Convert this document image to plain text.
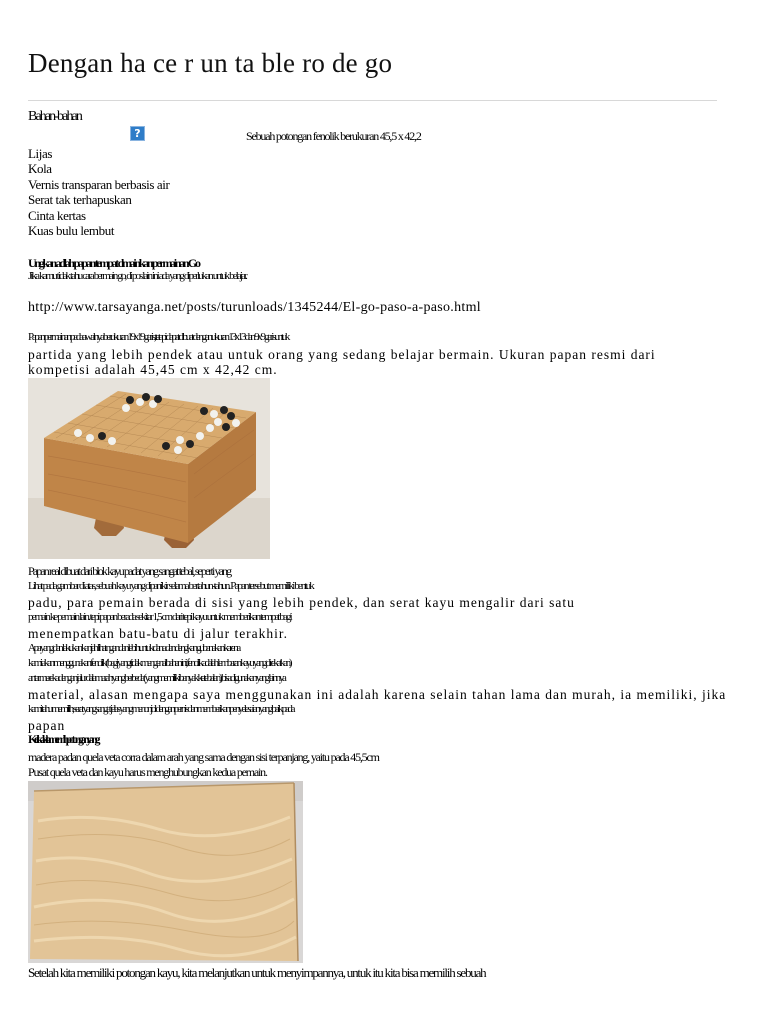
Dengan ha ce r un ta ble ro de go
Bahan-bahan
?	Sebuah potongan fenolik berukuran 45,5 x 42,2
Lijas
Kola
Vernis transparan berbasis air
Serat tak terhapuskan
Cinta kertas
Kuas bulu lembut
Ungkan adlah papan tempat dmainkan permainan Go
Jika kamu tidak tahu cara bermain go, di pos lain ini ada yang diperlukan untuk belajar.
http://www.tarsayanga.net/posts/turunloads/1345244/El-go-paso-a-paso.html
Papan permainan pada awalnya berukuran 19x19 garis, tetapi dapat dibuat dengan ukuran 13x13 dan 9x9 garis untuk
partida yang lebih pendek atau untuk orang yang sedang belajar bermain. Ukuran papan resmi dari
kompetisi adalah 45,45 cm x 42,42 cm.
Papan real dibuat dari blok kayu padat yang sangat tebal, seperti yang
Lihat pada gambar di atas, sebuah kayu yang dipanikir selama bertahun-tahun. Papan tersebut memiliki bentuk
padu, para pemain berada di sisi yang lebih pendek, dan serat kayu mengalir dari satu
pemain ke pemain lain. tepi papan berada sekitar 1,5 cm dari tepi kayu untuk memberikan tempat bagi
menempatkan batu-batu di jalur terakhir.
Apa yang dan lakukan kanjah lihat ngan dan lebih untuk dan a dan dengkan gubanakan karena
kami akan menggunakan fenolik (bagi yang tidak mengenal bahan ini, fenolik adalah lembaran kayu yang direkatkan)
antar mereka dengan jalur dalam arah yang berbeda (yang memiliki banyak ketebalan), bisa digunakan yang lainnya
material, alasan mengapa saya menggunakan ini adalah karena selain tahan lama dan murah, ia memiliki, jika
kami tahu memilih, serat yang sangat jelas yang menonjol dengan pernis dan memberikan penyelesaian yang baik pada
papan
Ketika kita memilih potongan yang
madera padan quela veta corra dalam arah yang sama dengan sisi terpanjang, yaitu pada 45,5cm
Pusat quela veta dan kayu harus menghubungkan kedua pemain.
Setelah kita memiliki potongan kayu, kita melanjutkan untuk menyimpannya, untuk itu kita bisa memilih sebuah
